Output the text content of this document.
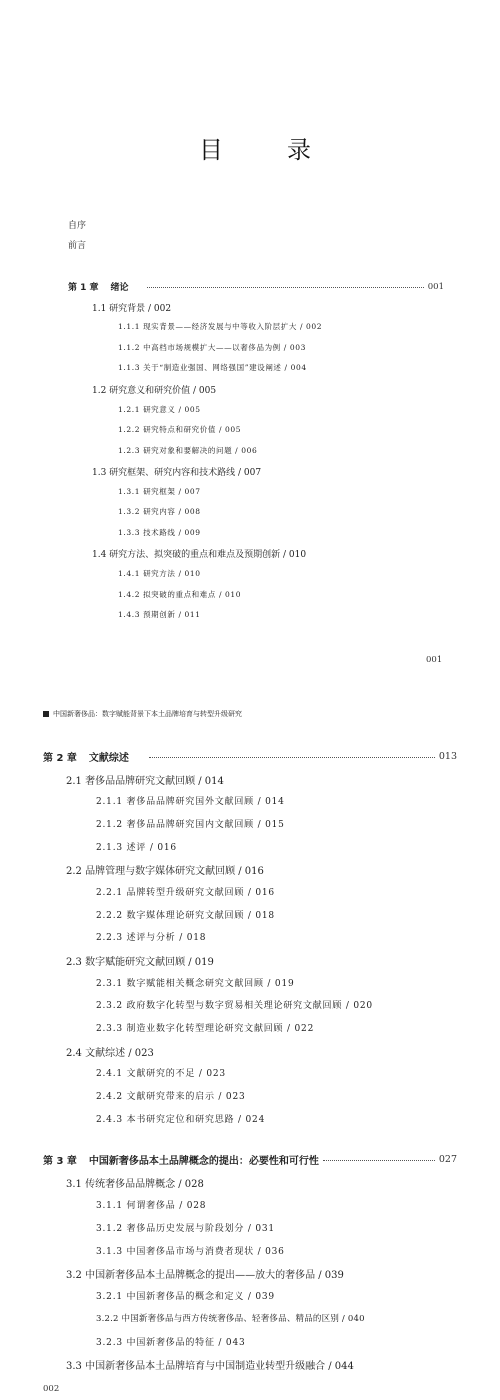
目	录
自序
前言
第 1 章 绪论	001
1.1 研究背景 / 002
1.1.1 现实背景——经济发展与中等收入阶层扩大 / 002
1.1.2 中高档市场规模扩大——以奢侈品为例 / 003
1.1.3 关于“制造业强国、网络强国”建设阐述 / 004
1.2 研究意义和研究价值 / 005
1.2.1 研究意义 / 005
1.2.2 研究特点和研究价值 / 005
1.2.3 研究对象和要解决的问题 / 006
1.3 研究框架、研究内容和技术路线 / 007
1.3.1 研究框架 / 007
1.3.2 研究内容 / 008
1.3.3 技术路线 / 009
1.4 研究方法、拟突破的重点和难点及预期创新 / 010
1.4.1 研究方法 / 010
1.4.2 拟突破的重点和难点 / 010
1.4.3 预期创新 / 011
001
中国新奢侈品：数字赋能背景下本土品牌培育与转型升级研究
第 2 章 文献综述	013
2.1 奢侈品品牌研究文献回顾 / 014
2.1.1 奢侈品品牌研究国外文献回顾 / 014
2.1.2 奢侈品品牌研究国内文献回顾 / 015
2.1.3 述评 / 016
2.2 品牌管理与数字媒体研究文献回顾 / 016
2.2.1 品牌转型升级研究文献回顾 / 016
2.2.2 数字媒体理论研究文献回顾 / 018
2.2.3 述评与分析 / 018
2.3 数字赋能研究文献回顾 / 019
2.3.1 数字赋能相关概念研究文献回顾 / 019
2.3.2 政府数字化转型与数字贸易相关理论研究文献回顾 / 020
2.3.3 制造业数字化转型理论研究文献回顾 / 022
2.4 文献综述 / 023
2.4.1 文献研究的不足 / 023
2.4.2 文献研究带来的启示 / 023
2.4.3 本书研究定位和研究思路 / 024
第 3 章 中国新奢侈品本土品牌概念的提出：必要性和可行性	027
3.1 传统奢侈品品牌概念 / 028
3.1.1 何谓奢侈品 / 028
3.1.2 奢侈品历史发展与阶段划分 / 031
3.1.3 中国奢侈品市场与消费者现状 / 036
3.2 中国新奢侈品本土品牌概念的提出——放大的奢侈品 / 039
3.2.1 中国新奢侈品的概念和定义 / 039
3.2.2 中国新奢侈品与西方传统奢侈品、轻奢侈品、精品的区别 / 040
3.2.3 中国新奢侈品的特征 / 043
3.3 中国新奢侈品本土品牌培育与中国制造业转型升级融合 / 044
002
